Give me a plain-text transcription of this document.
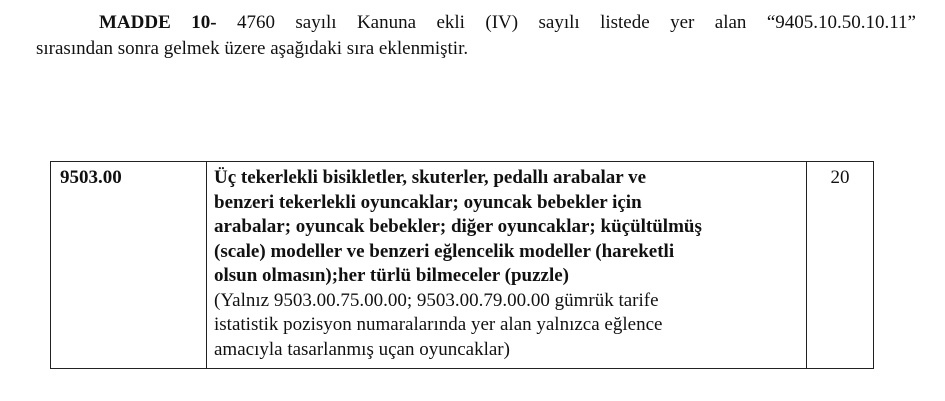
MADDE 10- 4760 sayılı Kanuna ekli (IV) sayılı listede yer alan “9405.10.50.10.11”
sırasından sonra gelmek üzere aşağıdaki sıra eklenmiştir.

9503.00	Üç tekerlekli bisikletler, skuterler, pedallı arabalar ve
benzeri tekerlekli oyuncaklar; oyuncak bebekler için
arabalar; oyuncak bebekler; diğer oyuncaklar; küçültülmüş
(scale) modeller ve benzeri eğlencelik modeller (hareketli
olsun olmasın);her türlü bilmeceler (puzzle)
(Yalnız 9503.00.75.00.00; 9503.00.79.00.00 gümrük tarife
istatistik pozisyon numaralarında yer alan yalnızca eğlence
amacıyla tasarlanmış uçan oyuncaklar)
	20
